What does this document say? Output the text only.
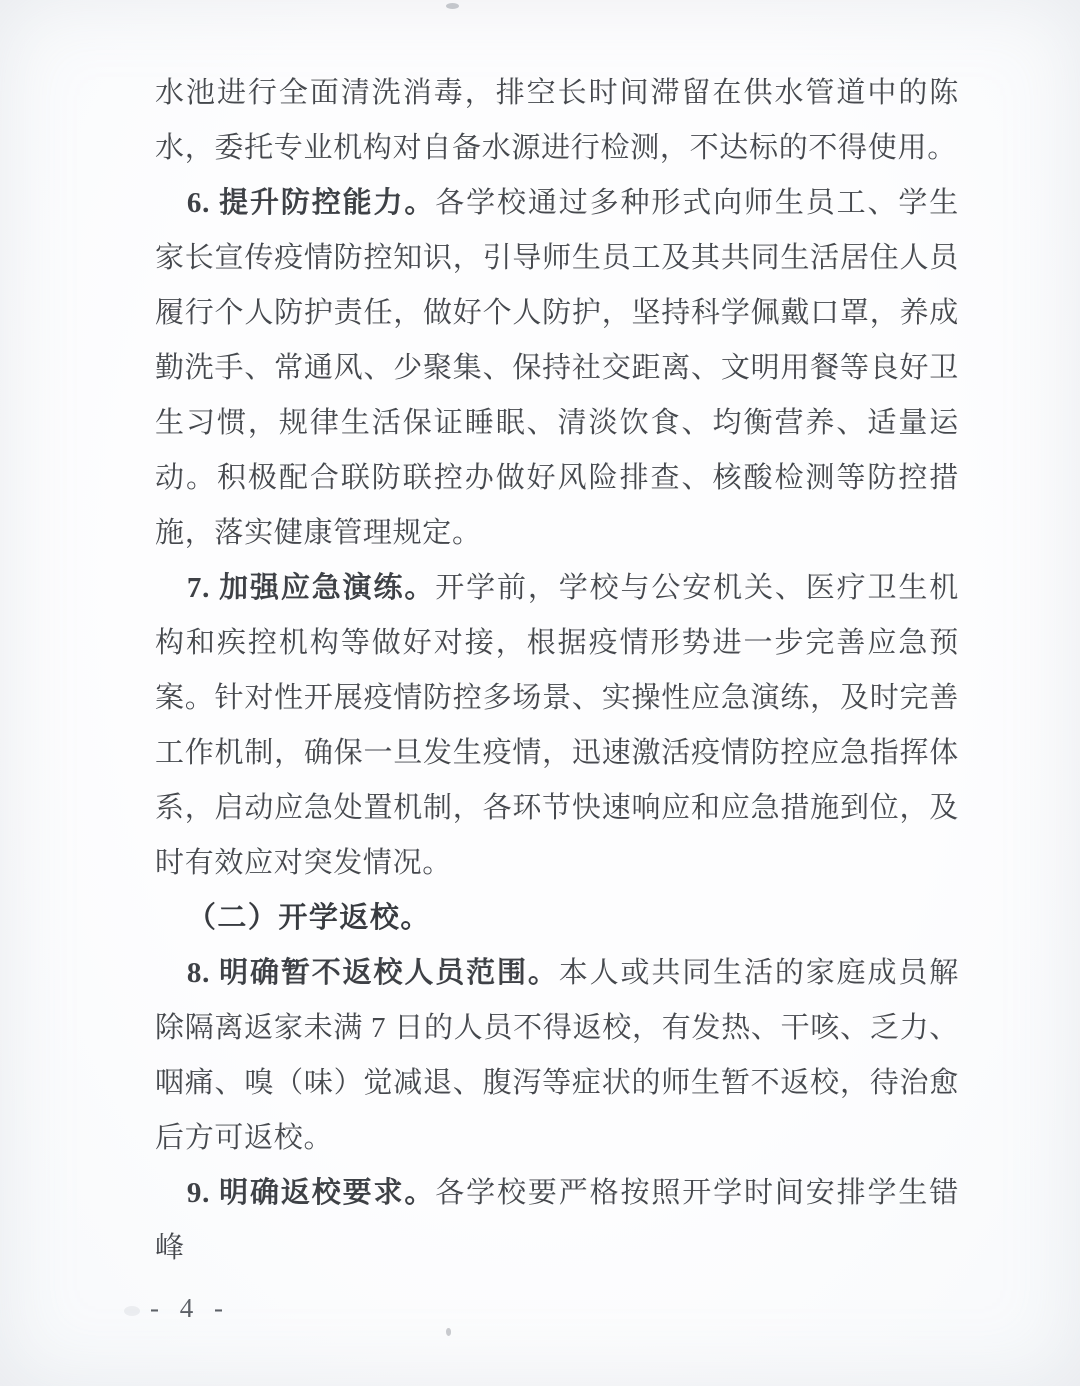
水池进行全面清洗消毒，排空长时间滞留在供水管道中的陈水，委托专业机构对自备水源进行检测，不达标的不得使用。

6. 提升防控能力。各学校通过多种形式向师生员工、学生家长宣传疫情防控知识，引导师生员工及其共同生活居住人员履行个人防护责任，做好个人防护，坚持科学佩戴口罩，养成勤洗手、常通风、少聚集、保持社交距离、文明用餐等良好卫生习惯，规律生活保证睡眠、清淡饮食、均衡营养、适量运动。积极配合联防联控办做好风险排查、核酸检测等防控措施，落实健康管理规定。

7. 加强应急演练。开学前，学校与公安机关、医疗卫生机构和疾控机构等做好对接，根据疫情形势进一步完善应急预案。针对性开展疫情防控多场景、实操性应急演练，及时完善工作机制，确保一旦发生疫情，迅速激活疫情防控应急指挥体系，启动应急处置机制，各环节快速响应和应急措施到位，及时有效应对突发情况。

（二）开学返校。

8. 明确暂不返校人员范围。本人或共同生活的家庭成员解除隔离返家未满 7 日的人员不得返校，有发热、干咳、乏力、咽痛、嗅（味）觉减退、腹泻等症状的师生暂不返校，待治愈后方可返校。

9. 明确返校要求。各学校要严格按照开学时间安排学生错峰

- 4 -
